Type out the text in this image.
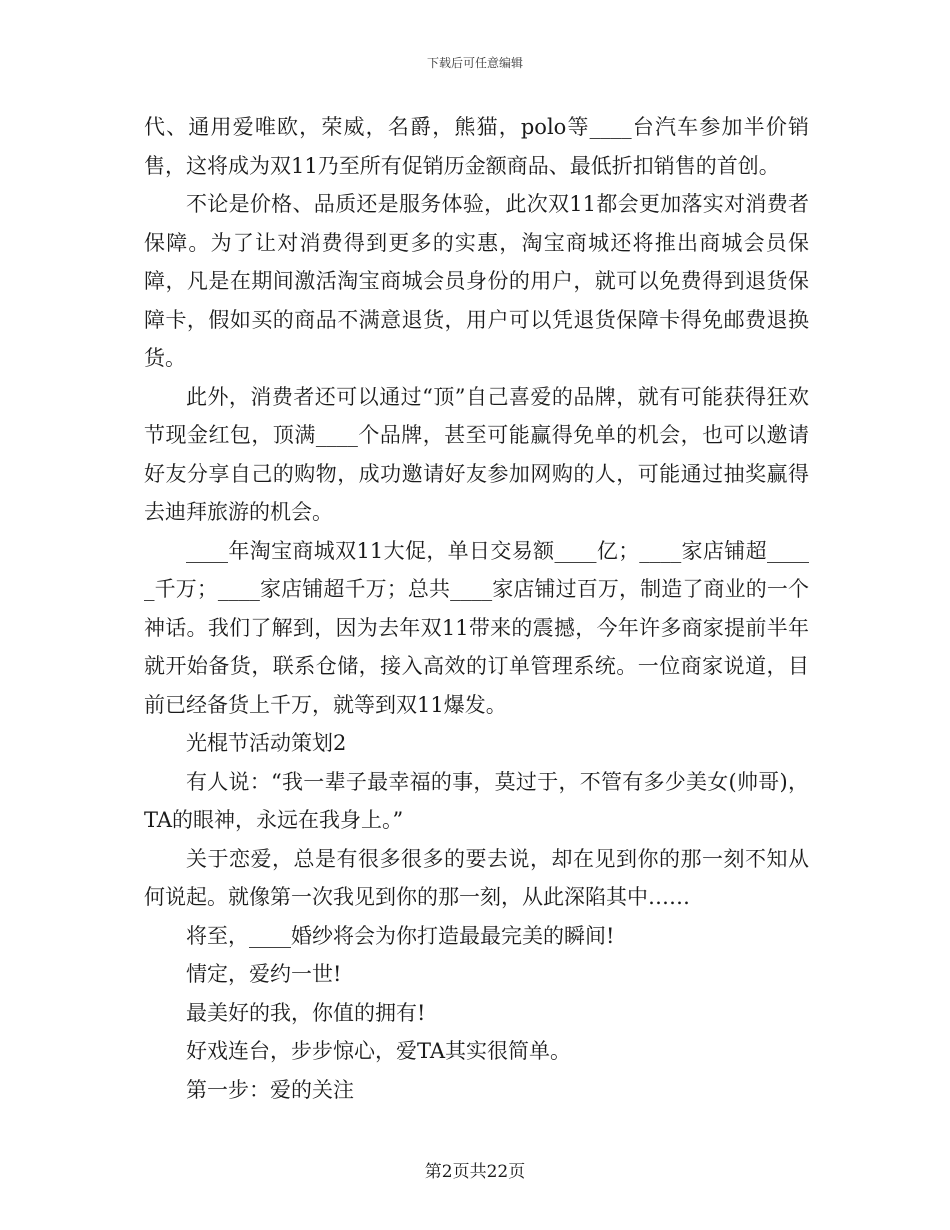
下载后可任意编辑

代、通用爱唯欧，荣威，名爵，熊猫，polo等____台汽车参加半价销售，这将成为双11乃至所有促销历金额商品、最低折扣销售的首创。

不论是价格、品质还是服务体验，此次双11都会更加落实对消费者保障。为了让对消费得到更多的实惠，淘宝商城还将推出商城会员保障，凡是在期间激活淘宝商城会员身份的用户，就可以免费得到退货保障卡，假如买的商品不满意退货，用户可以凭退货保障卡得免邮费退换货。

此外，消费者还可以通过“顶”自己喜爱的品牌，就有可能获得狂欢节现金红包，顶满____个品牌，甚至可能赢得免单的机会，也可以邀请好友分享自己的购物，成功邀请好友参加网购的人，可能通过抽奖赢得去迪拜旅游的机会。

____年淘宝商城双11大促，单日交易额____亿；____家店铺超_____千万；____家店铺超千万；总共____家店铺过百万，制造了商业的一个神话。我们了解到，因为去年双11带来的震撼，今年许多商家提前半年就开始备货，联系仓储，接入高效的订单管理系统。一位商家说道，目前已经备货上千万，就等到双11爆发。

光棍节活动策划2

有人说：“我一辈子最幸福的事，莫过于，不管有多少美女(帅哥)，TA的眼神，永远在我身上。”

关于恋爱，总是有很多很多的要去说，却在见到你的那一刻不知从何说起。就像第一次我见到你的那一刻，从此深陷其中……

将至，____婚纱将会为你打造最最完美的瞬间!

情定，爱约一世!

最美好的我，你值的拥有!

好戏连台，步步惊心，爱TA其实很简单。

第一步：爱的关注

第2页共22页
